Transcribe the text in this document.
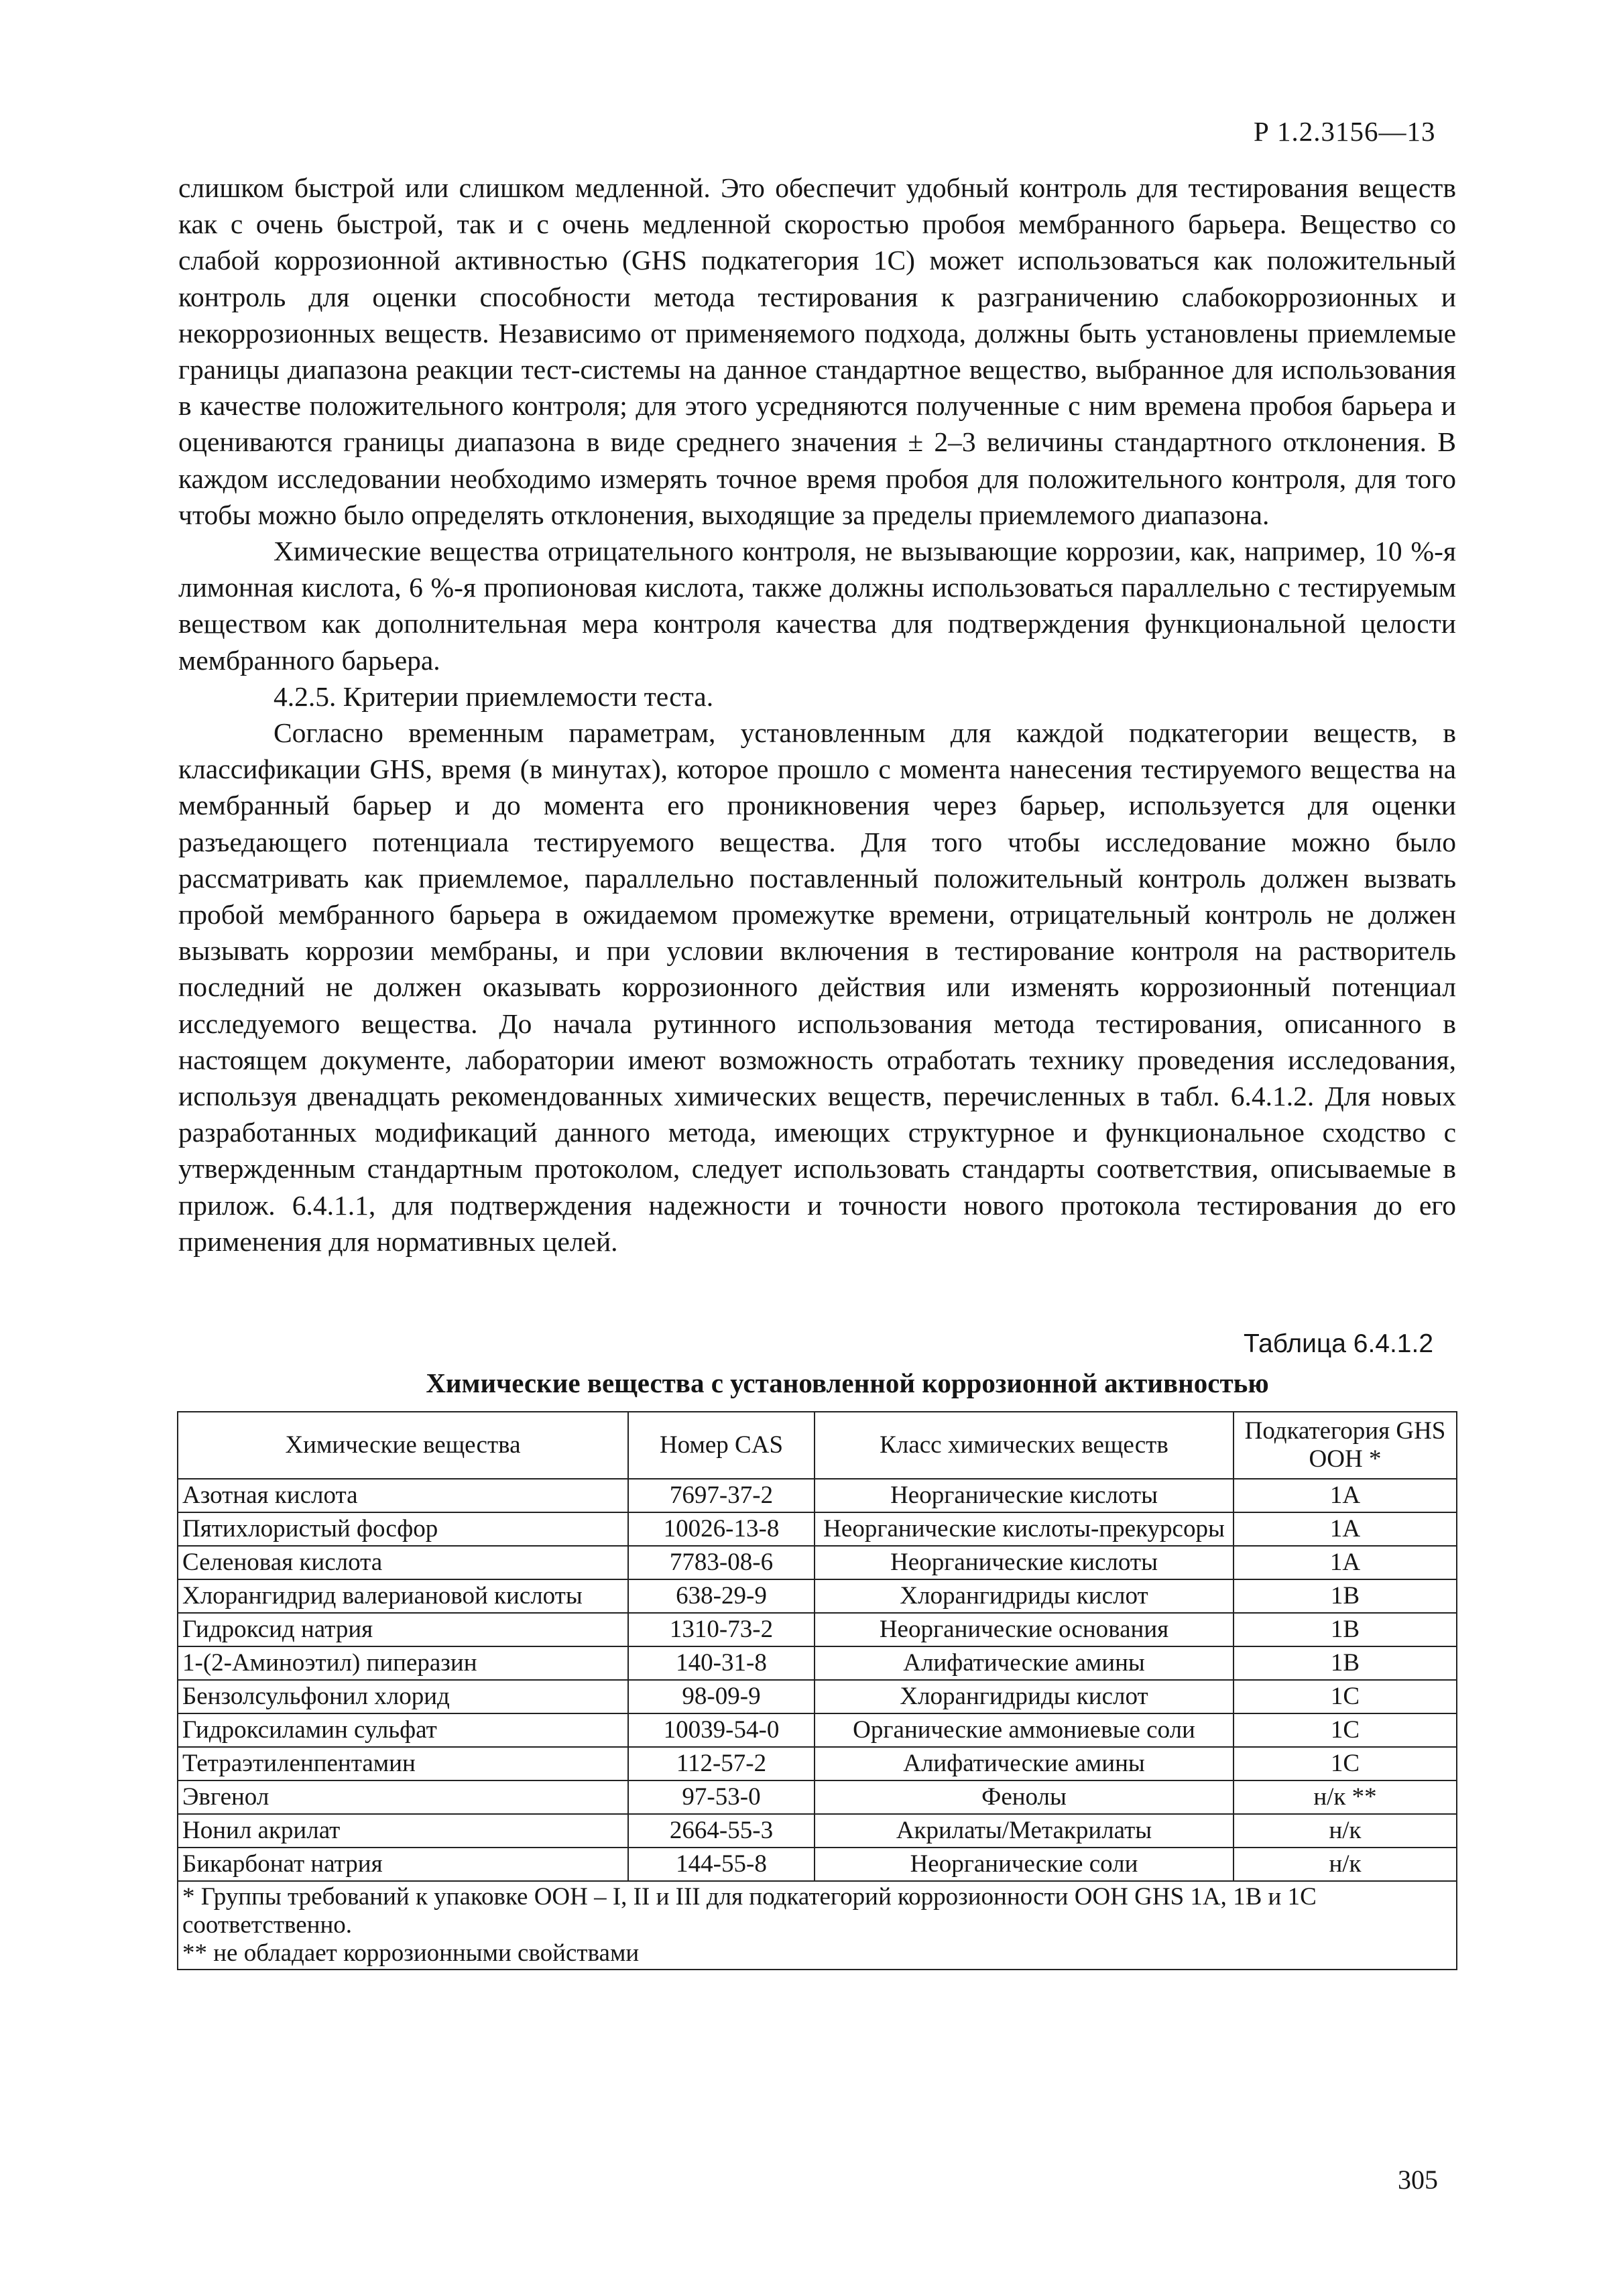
Р 1.2.3156—13

слишком быстрой или слишком медленной. Это обеспечит удобный контроль для тестирования веществ как с очень быстрой, так и с очень медленной скоростью пробоя мембранного барьера. Вещество со слабой коррозионной активностью (GHS подкатегория 1С) может использоваться как положительный контроль для оценки способности метода тестирования к разграничению слабокоррозионных и некоррозионных веществ. Независимо от применяемого подхода, должны быть установлены приемлемые границы диапазона реакции тест-системы на данное стандартное вещество, выбранное для использования в качестве положительного контроля; для этого усредняются полученные с ним времена пробоя барьера и оцениваются границы диапазона в виде среднего значения ± 2–3 величины стандартного отклонения. В каждом исследовании необходимо измерять точное время пробоя для положительного контроля, для того чтобы можно было определять отклонения, выходящие за пределы приемлемого диапазона.

Химические вещества отрицательного контроля, не вызывающие коррозии, как, например, 10 %-я лимонная кислота, 6 %-я пропионовая кислота, также должны использоваться параллельно с тестируемым веществом как дополнительная мера контроля качества для подтверждения функциональной целости мембранного барьера.

4.2.5. Критерии приемлемости теста.

Согласно временным параметрам, установленным для каждой подкатегории веществ, в классификации GHS, время (в минутах), которое прошло с момента нанесения тестируемого вещества на мембранный барьер и до момента его проникновения через барьер, используется для оценки разъедающего потенциала тестируемого вещества. Для того чтобы исследование можно было рассматривать как приемлемое, параллельно поставленный положительный контроль должен вызвать пробой мембранного барьера в ожидаемом промежутке времени, отрицательный контроль не должен вызывать коррозии мембраны, и при условии включения в тестирование контроля на растворитель последний не должен оказывать коррозионного действия или изменять коррозионный потенциал исследуемого вещества. До начала рутинного использования метода тестирования, описанного в настоящем документе, лаборатории имеют возможность отработать технику проведения исследования, используя двенадцать рекомендованных химических веществ, перечисленных в табл. 6.4.1.2. Для новых разработанных модификаций данного метода, имеющих структурное и функциональное сходство с утвержденным стандартным протоколом, следует использовать стандарты соответствия, описываемые в прилож. 6.4.1.1, для подтверждения надежности и точности нового протокола тестирования до его применения для нормативных целей.

Таблица 6.4.1.2
Химические вещества с установленной коррозионной активностью
Химические вещества	Номер CAS	Класс химических веществ	Подкатегория GHS ООН *
Азотная кислота	7697-37-2	Неорганические кислоты	1A
Пятихлористый фосфор	10026-13-8	Неорганические кислоты-прекурсоры	1A
Селеновая кислота	7783-08-6	Неорганические кислоты	1A
Хлорангидрид валериановой кислоты	638-29-9	Хлорангидриды кислот	1B
Гидроксид натрия	1310-73-2	Неорганические основания	1B
1-(2-Аминоэтил) пиперазин	140-31-8	Алифатические амины	1B
Бензолсульфонил хлорид	98-09-9	Хлорангидриды кислот	1C
Гидроксиламин сульфат	10039-54-0	Органические аммониевые соли	1C
Тетраэтиленпентамин	112-57-2	Алифатические амины	1C
Эвгенол	97-53-0	Фенолы	н/к **
Нонил акрилат	2664-55-3	Акрилаты/Метакрилаты	н/к
Бикарбонат натрия	144-55-8	Неорганические соли	н/к

* Группы требований к упаковке ООН – I, II и III для подкатегорий коррозионности ООН GHS 1A, 1B и 1C соответственно.
** не обладает коррозионными свойствами			
305
